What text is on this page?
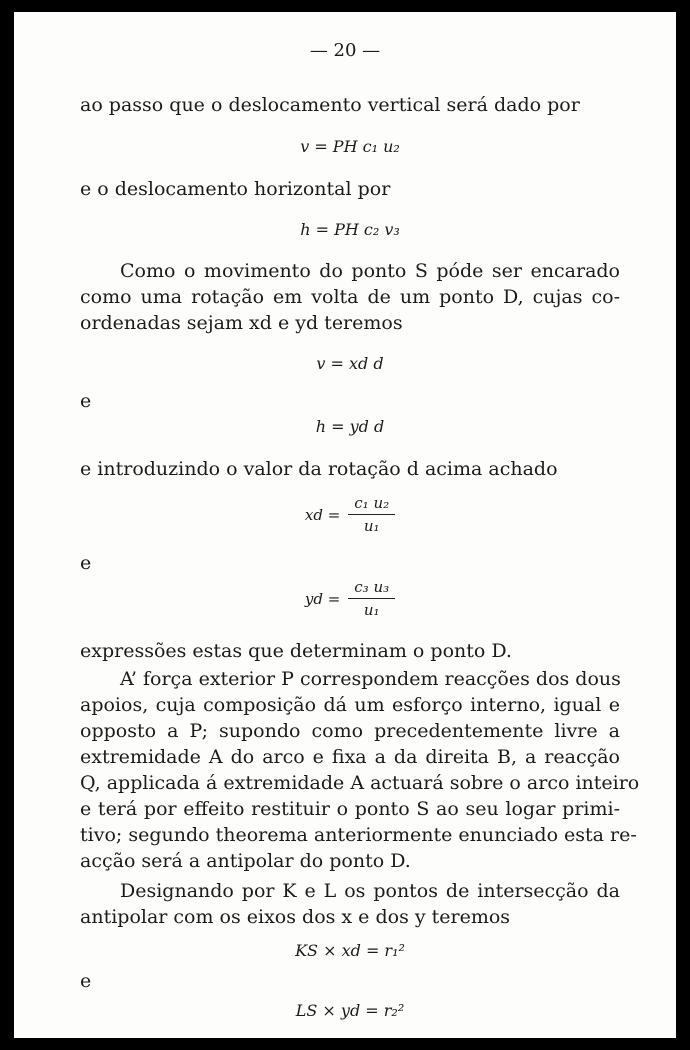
— 20 —
ao passo que o deslocamento vertical será dado por
v = PH c₁ u₂
e o deslocamento horizontal por
h = PH c₂ v₃
Como o movimento do ponto S póde ser encarado
como uma rotação em volta de um ponto D, cujas co-
ordenadas sejam xd e yd teremos
v = xd d
e
h = yd d
e introduzindo o valor da rotação d acima achado
xd = $\frac{\text{c₁ u₂}}{\text{u₁}}$
e
yd = $\frac{\text{c₃ u₃}}{\text{u₁}}$
expressões estas que determinam o ponto D.
A’ força exterior P correspondem reacções dos dous
apoios, cuja composição dá um esforço interno, igual e
opposto a P; supondo como precedentemente livre a
extremidade A do arco e fixa a da direita B, a reacção
Q, applicada á extremidade A actuará sobre o arco inteiro
e terá por effeito restituir o ponto S ao seu logar primi-
tivo; segundo theorema anteriormente enunciado esta re-
acção será a antipolar do ponto D.
Designando por K e L os pontos de intersecção da
antipolar com os eixos dos x e dos y teremos
KS × xd = r₁²
e
LS × yd = r₂²
